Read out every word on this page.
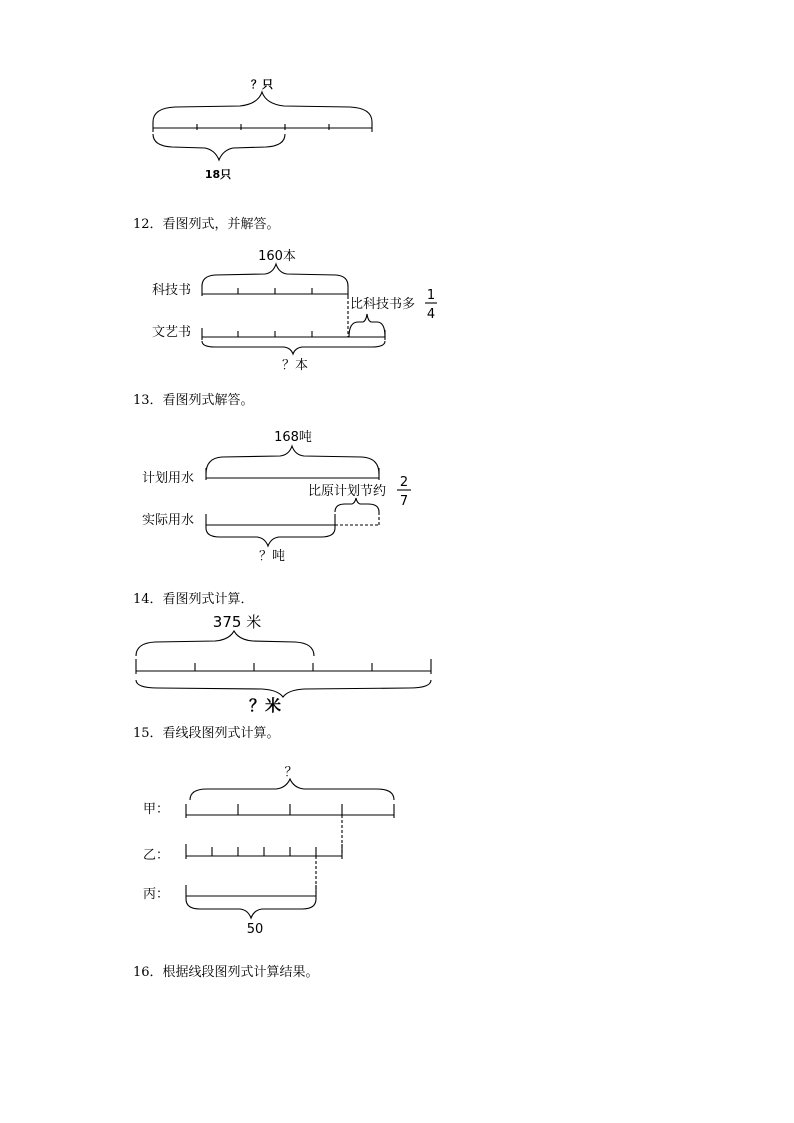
12．看图列式，并解答。
13．看图列式解答。
14．看图列式计算．
15．看线段图列式计算。
16．根据线段图列式计算结果。
？只
18只
160本
科技书
比科技书多
1
4
文艺书
？本
168吨
计划用水
比原计划节约
2
7
实际用水
？吨
375 米
？米
？
甲：
乙：
丙：
50
